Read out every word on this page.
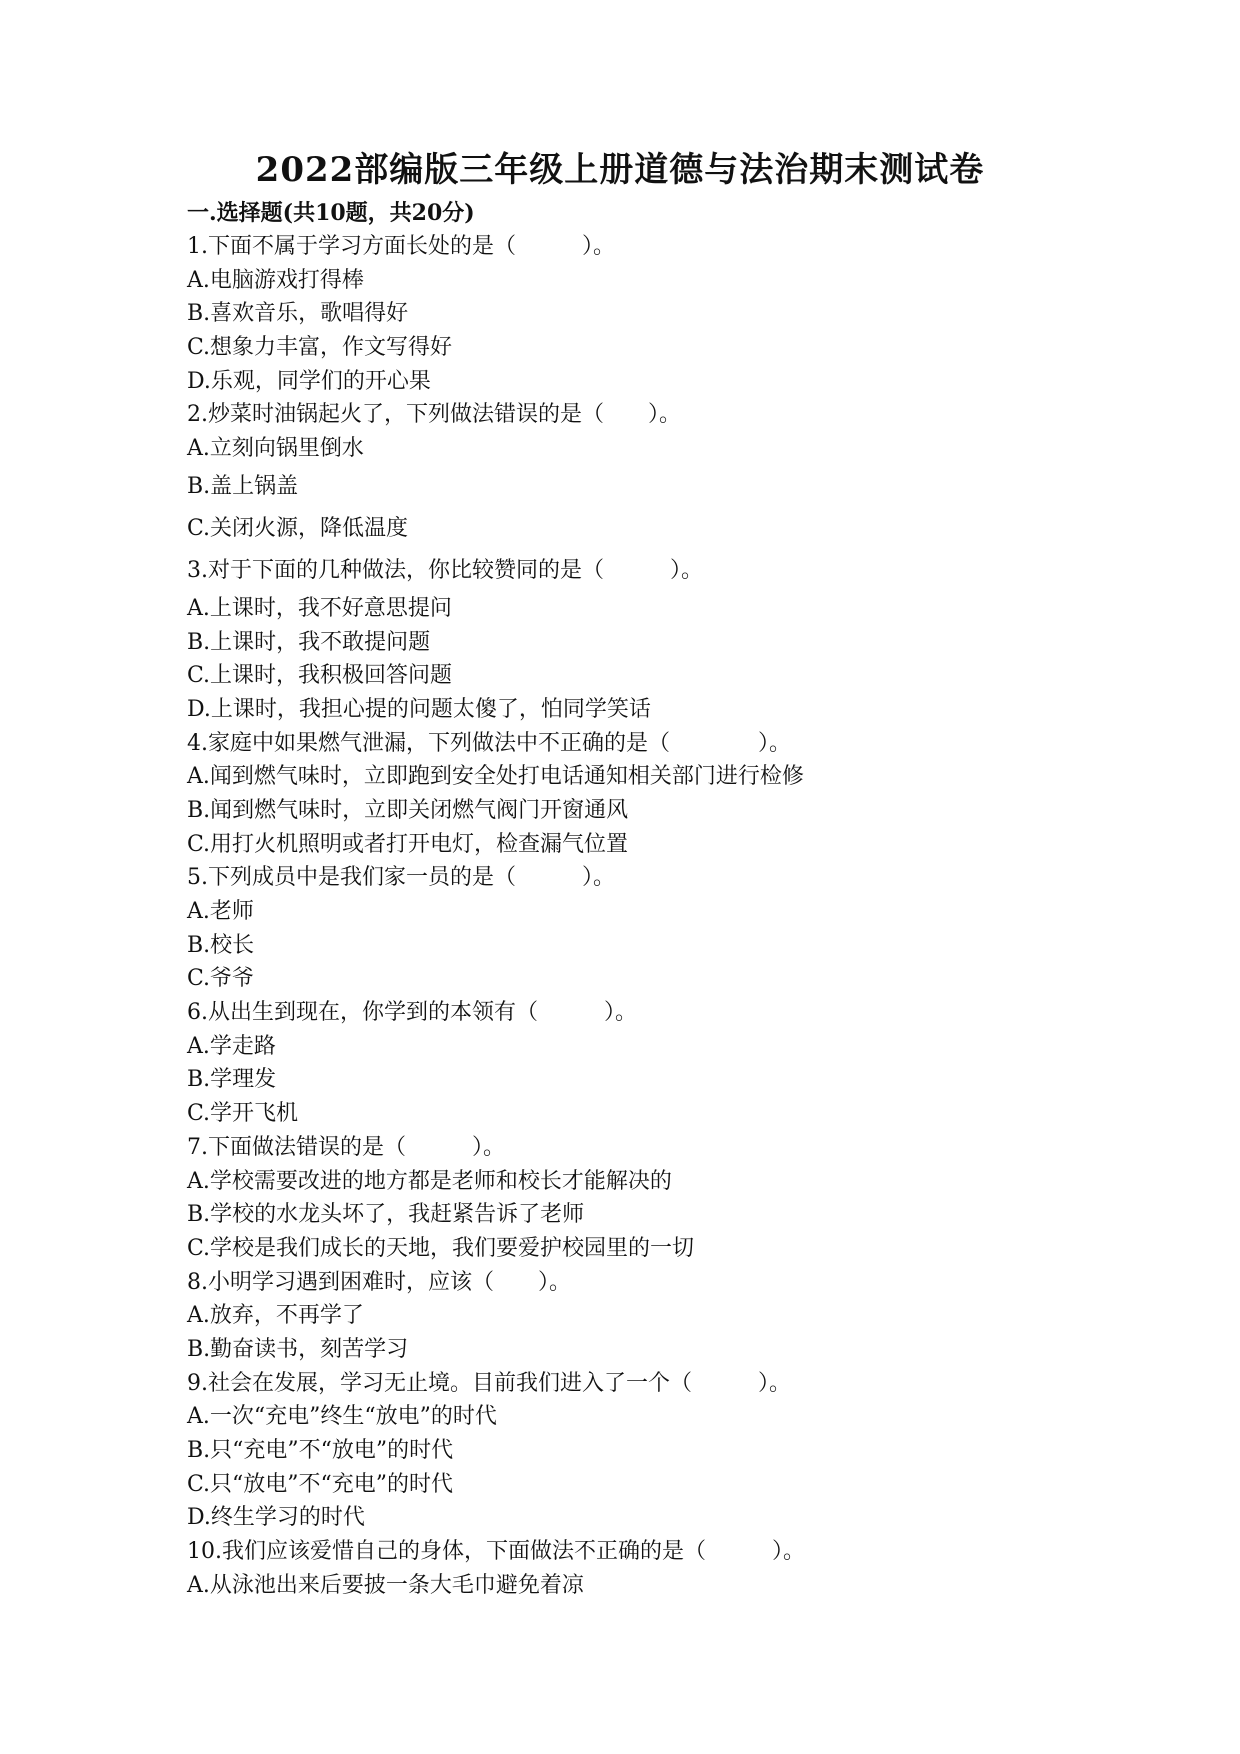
2022部编版三年级上册道德与法治期末测试卷
一.选择题(共10题，共20分)
1.下面不属于学习方面长处的是（　　　）。
A.电脑游戏打得棒
B.喜欢音乐，歌唱得好
C.想象力丰富，作文写得好
D.乐观，同学们的开心果
2.炒菜时油锅起火了，下列做法错误的是（　　）。
A.立刻向锅里倒水
B.盖上锅盖
C.关闭火源，降低温度
3.对于下面的几种做法，你比较赞同的是（　　　）。
A.上课时，我不好意思提问
B.上课时，我不敢提问题
C.上课时，我积极回答问题
D.上课时，我担心提的问题太傻了，怕同学笑话
4.家庭中如果燃气泄漏，下列做法中不正确的是（　　　　）。
A.闻到燃气味时，立即跑到安全处打电话通知相关部门进行检修
B.闻到燃气味时，立即关闭燃气阀门开窗通风
C.用打火机照明或者打开电灯，检查漏气位置
5.下列成员中是我们家一员的是（　　　）。
A.老师
B.校长
C.爷爷
6.从出生到现在，你学到的本领有（　　　）。
A.学走路
B.学理发
C.学开飞机
7.下面做法错误的是（　　　）。
A.学校需要改进的地方都是老师和校长才能解决的
B.学校的水龙头坏了，我赶紧告诉了老师
C.学校是我们成长的天地，我们要爱护校园里的一切
8.小明学习遇到困难时，应该（　　）。
A.放弃，不再学了
B.勤奋读书，刻苦学习
9.社会在发展，学习无止境。目前我们进入了一个（　　　）。
A.一次“充电”终生“放电”的时代
B.只“充电”不“放电”的时代
C.只“放电”不“充电”的时代
D.终生学习的时代
10.我们应该爱惜自己的身体，下面做法不正确的是（　　　）。
A.从泳池出来后要披一条大毛巾避免着凉
